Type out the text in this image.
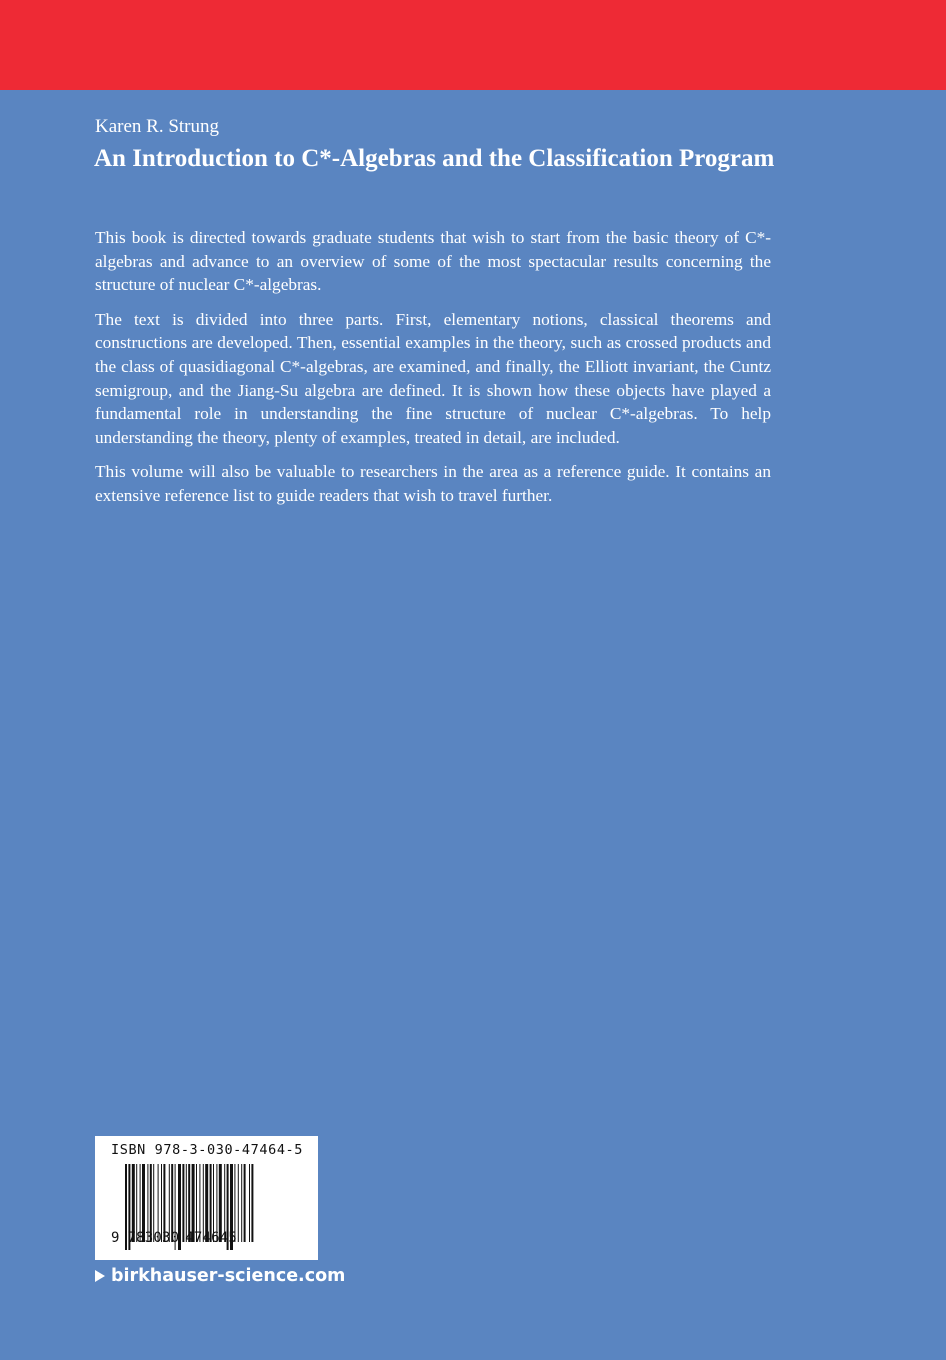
Karen R. Strung

An Introduction to C*-Algebras and the Classification Program

This book is directed towards graduate students that wish to start from the basic theory of C*-algebras and advance to an overview of some of the most spectacular results concerning the structure of nuclear C*-algebras.

The text is divided into three parts. First, elementary notions, classical theorems and constructions are developed. Then, essential examples in the theory, such as crossed products and the class of quasidiagonal C*-algebras, are examined, and finally, the Elliott invariant, the Cuntz semigroup, and the Jiang-Su algebra are defined. It is shown how these objects have played a fundamental role in understanding the fine structure of nuclear C*-algebras. To help understanding the theory, plenty of examples, treated in detail, are included.

This volume will also be valuable to researchers in the area as a reference guide. It contains an extensive reference list to guide readers that wish to travel further.

ISBN 978-3-030-47464-5
9 783030 474645
birkhauser-science.com
